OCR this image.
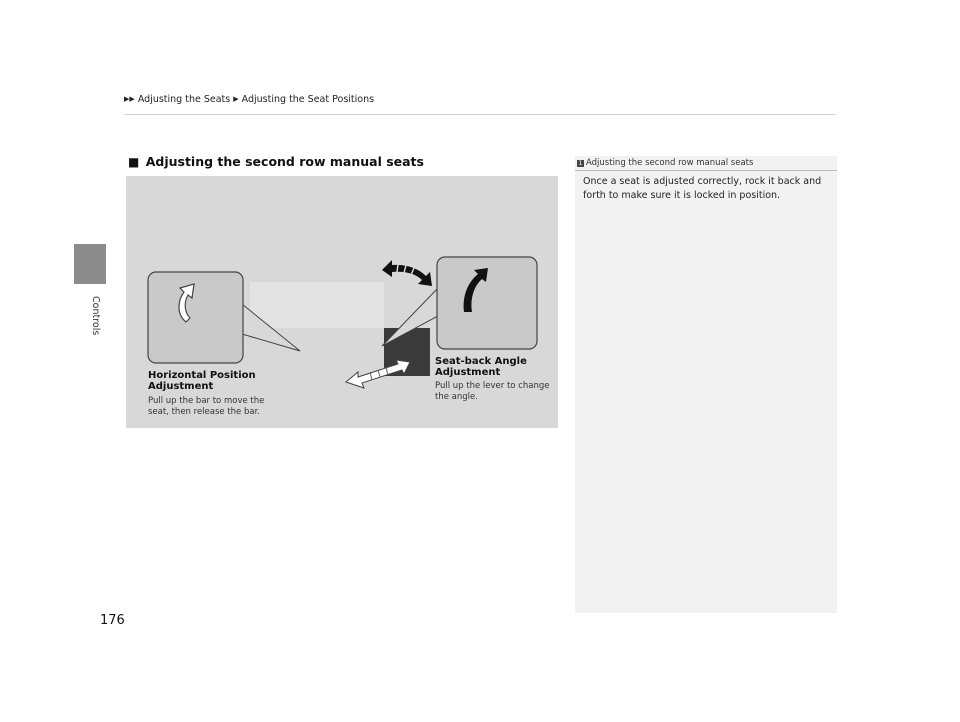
▶▶ Adjusting the Seats ▶ Adjusting the Seat Positions
Controls
■ Adjusting the second row manual seats
Horizontal Position Adjustment
Pull up the bar to move the seat, then release the bar.
Seat-back Angle Adjustment
Pull up the lever to change the angle.
1 Adjusting the second row manual seats
Once a seat is adjusted correctly, rock it back and forth to make sure it is locked in position.
176
